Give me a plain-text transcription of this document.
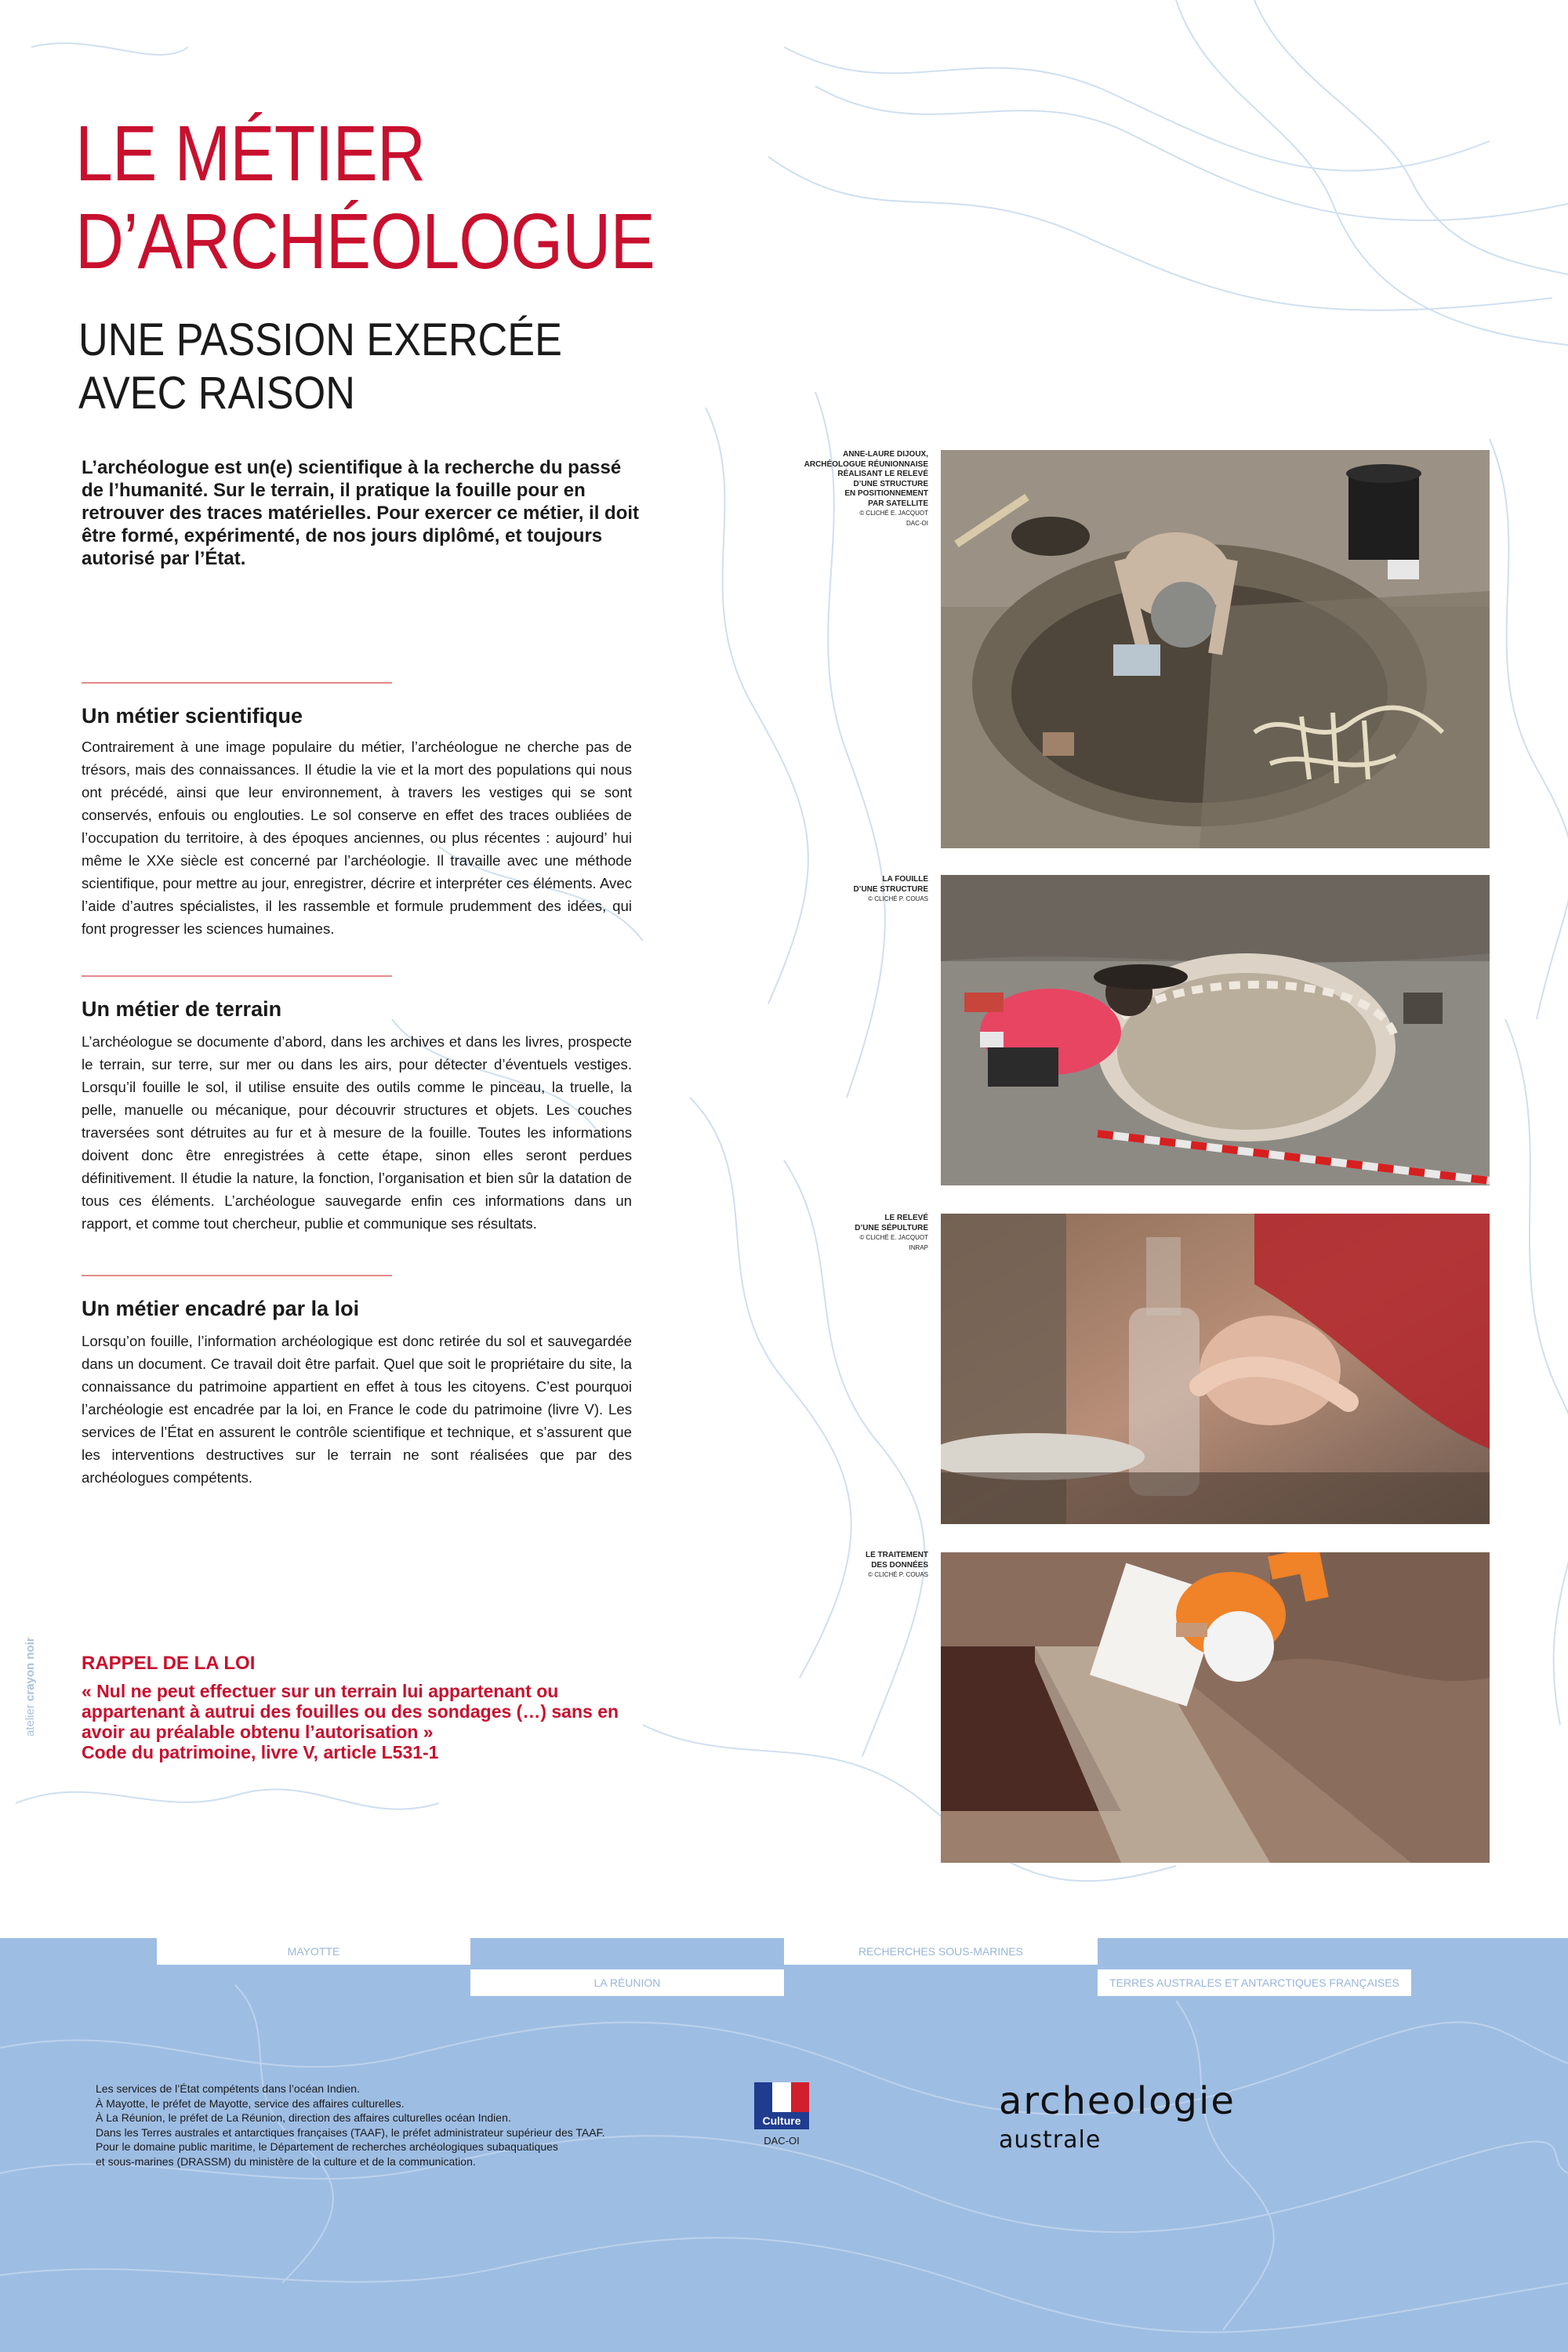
LE MÉTIER
D’ARCHÉOLOGUE
UNE PASSION EXERCÉE
AVEC RAISON
L’archéologue est un(e) scientifique à la recherche du passé de l’humanité. Sur le terrain, il pratique la fouille pour en retrouver des traces matérielles. Pour exercer ce métier, il doit être formé, expérimenté, de nos jours diplômé, et toujours autorisé par l’État.
Un métier scientifique
Contrairement à une image populaire du métier, l’archéologue ne cherche pas de trésors, mais des connaissances. Il étudie la vie et la mort des populations qui nous ont précédé, ainsi que leur environnement, à travers les vestiges qui se sont conservés, enfouis ou englouties. Le sol conserve en effet des traces oubliées de l’occupation du territoire, à des époques anciennes, ou plus récentes : aujourd’ hui même le XXe siècle est concerné par l’archéologie. Il travaille avec une méthode scientifique, pour mettre au jour, enregistrer, décrire et interpréter ces éléments. Avec l’aide d’autres spécialistes, il les rassemble et formule prudemment des idées, qui font progresser les sciences humaines.
Un métier de terrain
L’archéologue se documente d’abord, dans les archives et dans les livres, prospecte le terrain, sur terre, sur mer ou dans les airs, pour détecter d’éventuels vestiges. Lorsqu’il fouille le sol, il utilise ensuite des outils comme le pinceau, la truelle, la pelle, manuelle ou mécanique, pour découvrir structures et objets. Les couches traversées sont détruites au fur et à mesure de la fouille. Toutes les informations doivent donc être enregistrées à cette étape, sinon elles seront perdues définitivement. Il étudie la nature, la fonction, l’organisation et bien sûr la datation de tous ces éléments. L’archéologue sauvegarde enfin ces informations dans un rapport, et comme tout chercheur, publie et communique ses résultats.
Un métier encadré par la loi
Lorsqu’on fouille, l’information archéologique est donc retirée du sol et sauvegardée dans un document. Ce travail doit être parfait. Quel que soit le propriétaire du site, la connaissance du patrimoine appartient en effet à tous les citoyens. C’est pourquoi l’archéologie est encadrée par la loi, en France le code du patrimoine (livre V). Les services de l’État en assurent le contrôle scientifique et technique, et s’assurent que les interventions destructives sur le terrain ne sont réalisées que par des archéologues compétents.
RAPPEL DE LA LOI
« Nul ne peut effectuer sur un terrain lui appartenant ou appartenant à autrui des fouilles ou des sondages (…) sans en avoir au préalable obtenu l’autorisation »
Code du patrimoine, livre V, article L531-1
atelier crayon noir
ANNE-LAURE DIJOUX,
ARCHÉOLOGUE RÉUNIONNAISE
RÉALISANT LE RELEVÉ
D’UNE STRUCTURE
EN POSITIONNEMENT
PAR SATELLITE
© CLICHÉ E. JACQUOT
DAC-OI
LA FOUILLE
D’UNE STRUCTURE
© CLICHÉ P. COUAS
LE RELEVÉ
D’UNE SÉPULTURE
© CLICHÉ E. JACQUOT
INRAP
LE TRAITEMENT
DES DONNÉES
© CLICHÉ P. COUAS
MAYOTTE
LA RÉUNION
RECHERCHES SOUS-MARINES
TERRES AUSTRALES ET ANTARCTIQUES FRANÇAISES
Les services de l’État compétents dans l’océan Indien.
À Mayotte, le préfet de Mayotte, service des affaires culturelles.
À La Réunion, le préfet de La Réunion, direction des affaires culturelles océan Indien.
Dans les Terres australes et antarctiques françaises (TAAF), le préfet administrateur supérieur des TAAF.
Pour le domaine public maritime, le Département de recherches archéologiques subaquatiques
et sous-marines (DRASSM) du ministère de la culture et de la communication.
Culture
DAC-OI
archeologie
australe
